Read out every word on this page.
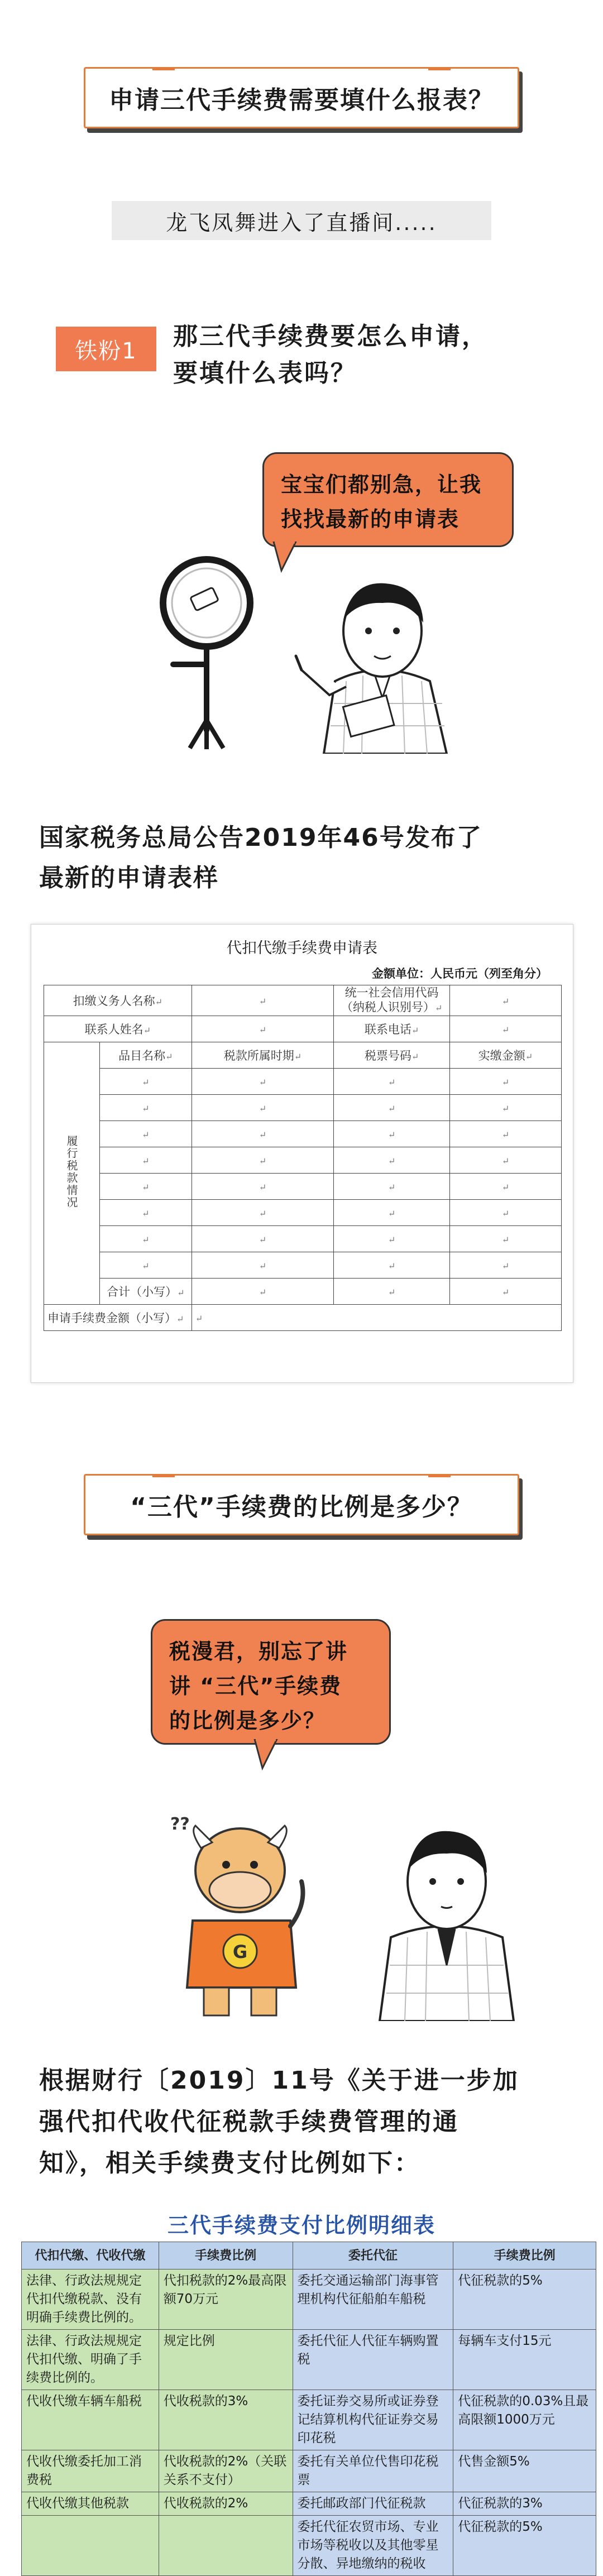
申请三代手续费需要填什么报表？
龙飞凤舞进入了直播间.....
铁粉1
那三代手续费要怎么申请，
要填什么表吗？
宝宝们都别急，让我
找找最新的申请表
国家税务总局公告2019年46号发布了
最新的申请表样
代扣代缴手续费申请表
金额单位：人民币元（列至角分）
扣缴义务人名称↵		↵	统一社会信用代码
（纳税人识别号）↵	↵
联系人姓名↵		↵	联系电话↵	↵
履行税款情况	品目名称↵	税款所属时期↵	税票号码↵	实缴金额↵
	↵	↵	↵	↵
	↵	↵	↵	↵
	↵	↵	↵	↵
	↵	↵	↵	↵
	↵	↵	↵	↵
	↵	↵	↵	↵
	↵	↵	↵	↵
	↵	↵	↵	↵
	合计（小写）↵	↵	↵	↵
申请手续费金额（小写）↵		↵		
“三代”手续费的比例是多少？
税漫君，别忘了讲
讲 “三代”手续费
的比例是多少？
??
G
根据财行〔2019〕11号《关于进一步加
强代扣代收代征税款手续费管理的通
知》，相关手续费支付比例如下：
三代手续费支付比例明细表
代扣代缴、代收代缴	手续费比例	委托代征	手续费比例
法律、行政法规规定代扣代缴税款、没有明确手续费比例的。	代扣税款的2%最高限额70万元	委托交通运输部门海事管理机构代征船舶车船税	代征税款的5%
法律、行政法规规定代扣代缴、明确了手续费比例的。	规定比例	委托代征人代征车辆购置税	每辆车支付15元
代收代缴车辆车船税	代收税款的3%	委托证券交易所或证券登记结算机构代征证券交易印花税	代征税款的0.03%且最高限额1000万元
代收代缴委托加工消费税	代收税款的2%（关联关系不支付）	委托有关单位代售印花税票	代售金额5%
代收代缴其他税款	代收税款的2%	委托邮政部门代征税款	代征税款的3%
		委托代征农贸市场、专业市场等税收以及其他零星分散、异地缴纳的税收	代征税款的5%
